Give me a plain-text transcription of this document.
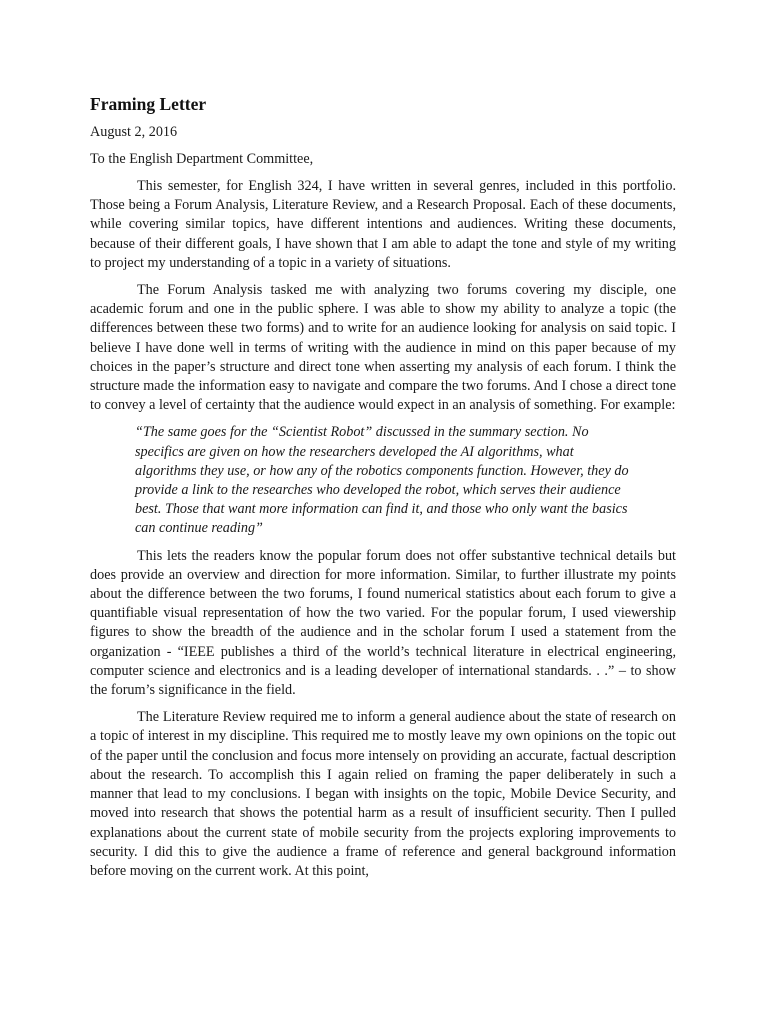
Framing Letter
August 2, 2016
To the English Department Committee,

This semester, for English 324, I have written in several genres, included in this portfolio. Those being a Forum Analysis, Literature Review, and a Research Proposal. Each of these documents, while covering similar topics, have different intentions and audiences. Writing these documents, because of their different goals, I have shown that I am able to adapt the tone and style of my writing to project my understanding of a topic in a variety of situations.

The Forum Analysis tasked me with analyzing two forums covering my disciple, one academic forum and one in the public sphere. I was able to show my ability to analyze a topic (the differences between these two forms) and to write for an audience looking for analysis on said topic. I believe I have done well in terms of writing with the audience in mind on this paper because of my choices in the paper’s structure and direct tone when asserting my analysis of each forum. I think the structure made the information easy to navigate and compare the two forums. And I chose a direct tone to convey a level of certainty that the audience would expect in an analysis of something. For example:

“The same goes for the “Scientist Robot” discussed in the summary section. No specifics are given on how the researchers developed the AI algorithms, what algorithms they use, or how any of the robotics components function. However, they do provide a link to the researches who developed the robot, which serves their audience best. Those that want more information can find it, and those who only want the basics can continue reading”

This lets the readers know the popular forum does not offer substantive technical details but does provide an overview and direction for more information. Similar, to further illustrate my points about the difference between the two forums, I found numerical statistics about each forum to give a quantifiable visual representation of how the two varied. For the popular forum, I used viewership figures to show the breadth of the audience and in the scholar forum I used a statement from the organization - “IEEE publishes a third of the world’s technical literature in electrical engineering, computer science and electronics and is a leading developer of international standards. . .” – to show the forum’s significance in the field.

The Literature Review required me to inform a general audience about the state of research on a topic of interest in my discipline. This required me to mostly leave my own opinions on the topic out of the paper until the conclusion and focus more intensely on providing an accurate, factual description about the research. To accomplish this I again relied on framing the paper deliberately in such a manner that lead to my conclusions. I began with insights on the topic, Mobile Device Security, and moved into research that shows the potential harm as a result of insufficient security. Then I pulled explanations about the current state of mobile security from the projects exploring improvements to security. I did this to give the audience a frame of reference and general background information before moving on the current work. At this point,
